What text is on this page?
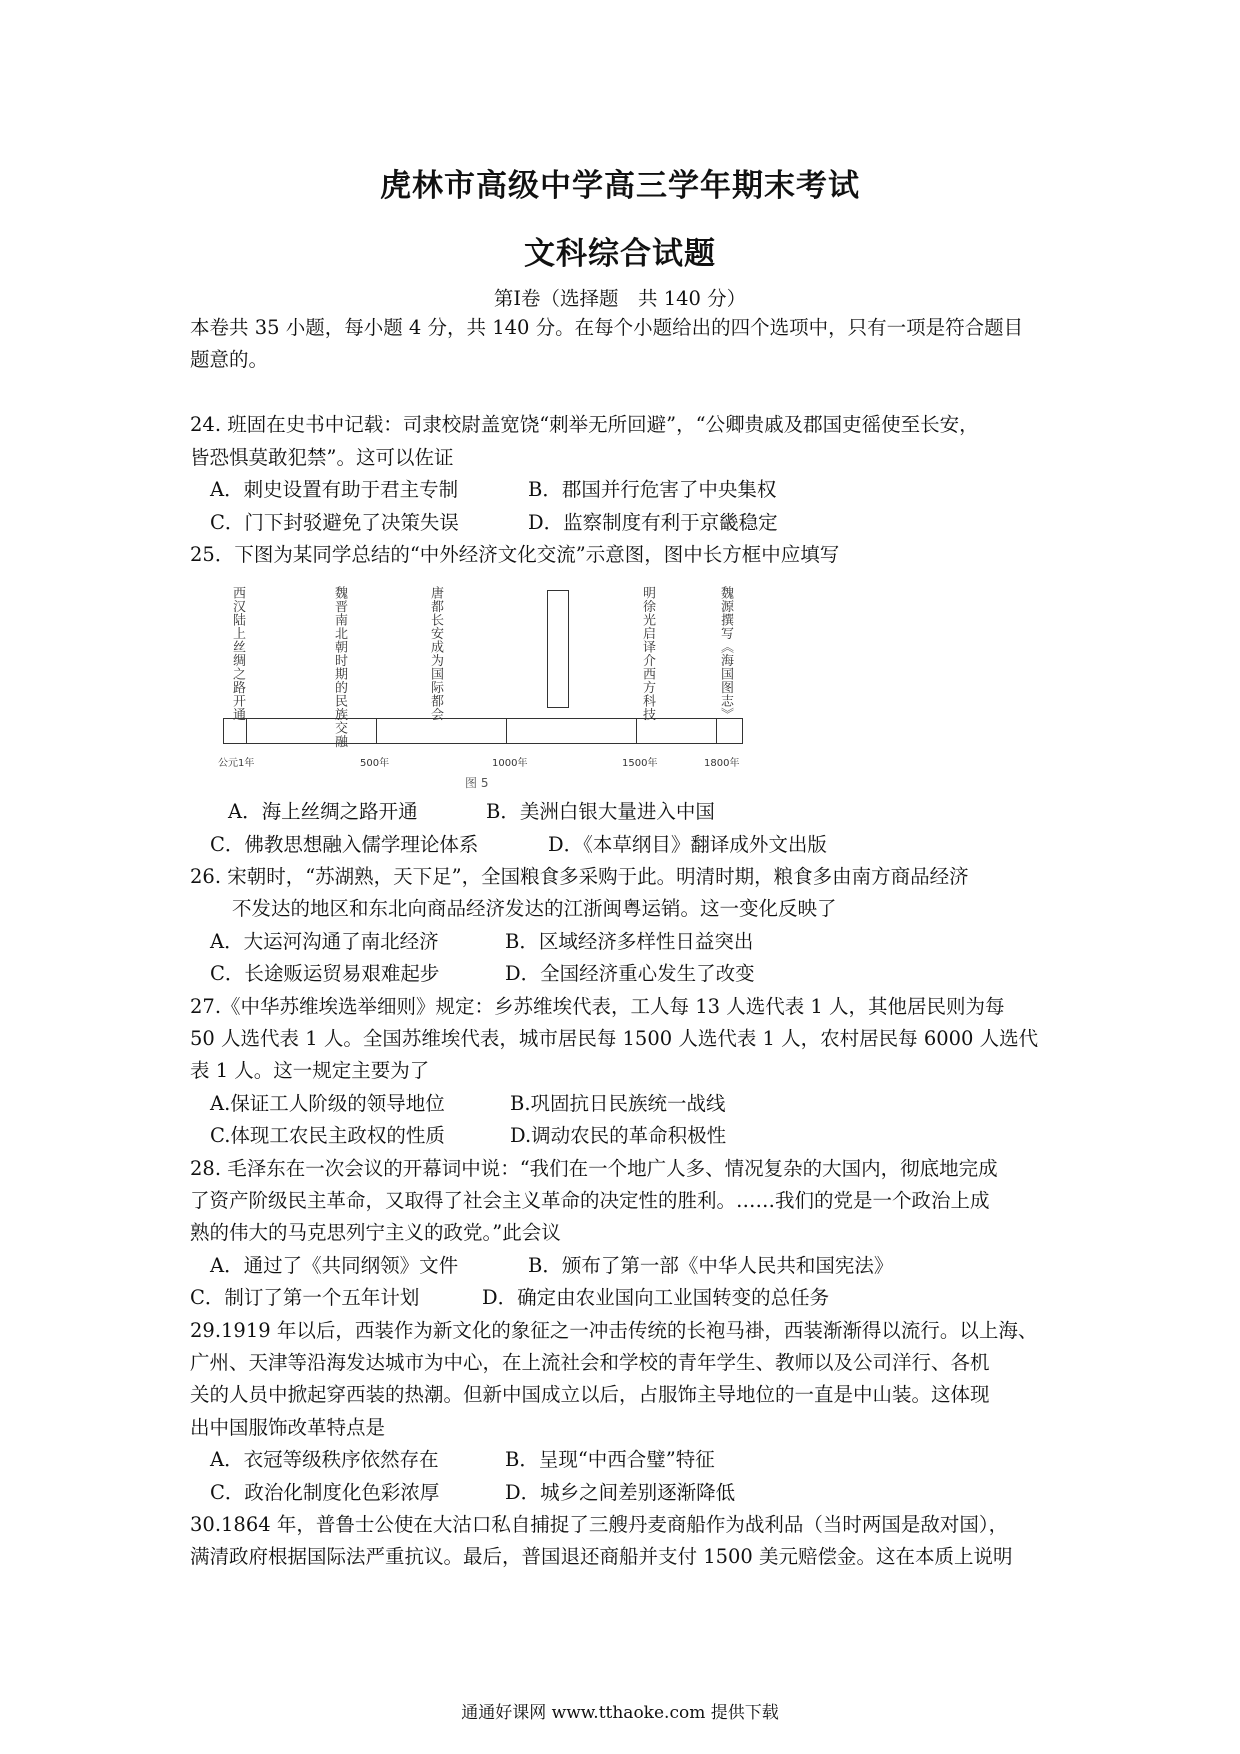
虎林市高级中学高三学年期末考试
文科综合试题
第Ⅰ卷（选择题　共 140 分）
本卷共 35 小题，每小题 4 分，共 140 分。在每个小题给出的四个选项中，只有一项是符合题目
题意的。
24. 班固在史书中记载：司隶校尉盖宽饶“刺举无所回避”，“公卿贵戚及郡国吏徭使至长安，
皆恐惧莫敢犯禁”。这可以佐证
A．刺史设置有助于君主专制	B．郡国并行危害了中央集权
C．门下封驳避免了决策失误	D．监察制度有利于京畿稳定
25．下图为某同学总结的“中外经济文化交流”示意图，图中长方框中应填写
西汉陆上丝绸之路开通	魏晋南北朝时期的民族交融	唐都长安成为国际都会	明徐光启译介西方科技	魏源撰写《海国图志》
公元1年	500年	1000年	1500年	1800年
图 5
A．海上丝绸之路开通	B．美洲白银大量进入中国
C．佛教思想融入儒学理论体系	D．《本草纲目》翻译成外文出版
26. 宋朝时，“苏湖熟，天下足”，全国粮食多采购于此。明清时期，粮食多由南方商品经济
不发达的地区和东北向商品经济发达的江浙闽粤运销。这一变化反映了
A．大运河沟通了南北经济	B．区域经济多样性日益突出
C．长途贩运贸易艰难起步	D．全国经济重心发生了改变
27.《中华苏维埃选举细则》规定：乡苏维埃代表，工人每 13 人选代表 1 人，其他居民则为每
50 人选代表 1 人。全国苏维埃代表，城市居民每 1500 人选代表 1 人，农村居民每 6000 人选代
表 1 人。这一规定主要为了
A.保证工人阶级的领导地位	B.巩固抗日民族统一战线
C.体现工农民主政权的性质	D.调动农民的革命积极性
28. 毛泽东在一次会议的开幕词中说：“我们在一个地广人多、情况复杂的大国内，彻底地完成
了资产阶级民主革命，又取得了社会主义革命的决定性的胜利。……我们的党是一个政治上成
熟的伟大的马克思列宁主义的政党。”此会议
A．通过了《共同纲领》文件	B．颁布了第一部《中华人民共和国宪法》
C．制订了第一个五年计划	D．确定由农业国向工业国转变的总任务
29.1919 年以后，西装作为新文化的象征之一冲击传统的长袍马褂，西装渐渐得以流行。以上海、
广州、天津等沿海发达城市为中心，在上流社会和学校的青年学生、教师以及公司洋行、各机
关的人员中掀起穿西装的热潮。但新中国成立以后，占服饰主导地位的一直是中山装。这体现
出中国服饰改革特点是
A．衣冠等级秩序依然存在	B．呈现“中西合璧”特征
C．政治化制度化色彩浓厚	D．城乡之间差别逐渐降低
30.1864 年，普鲁士公使在大沽口私自捕捉了三艘丹麦商船作为战利品（当时两国是敌对国），
满清政府根据国际法严重抗议。最后，普国退还商船并支付 1500 美元赔偿金。这在本质上说明
通通好课网 www.tthaoke.com 提供下载
